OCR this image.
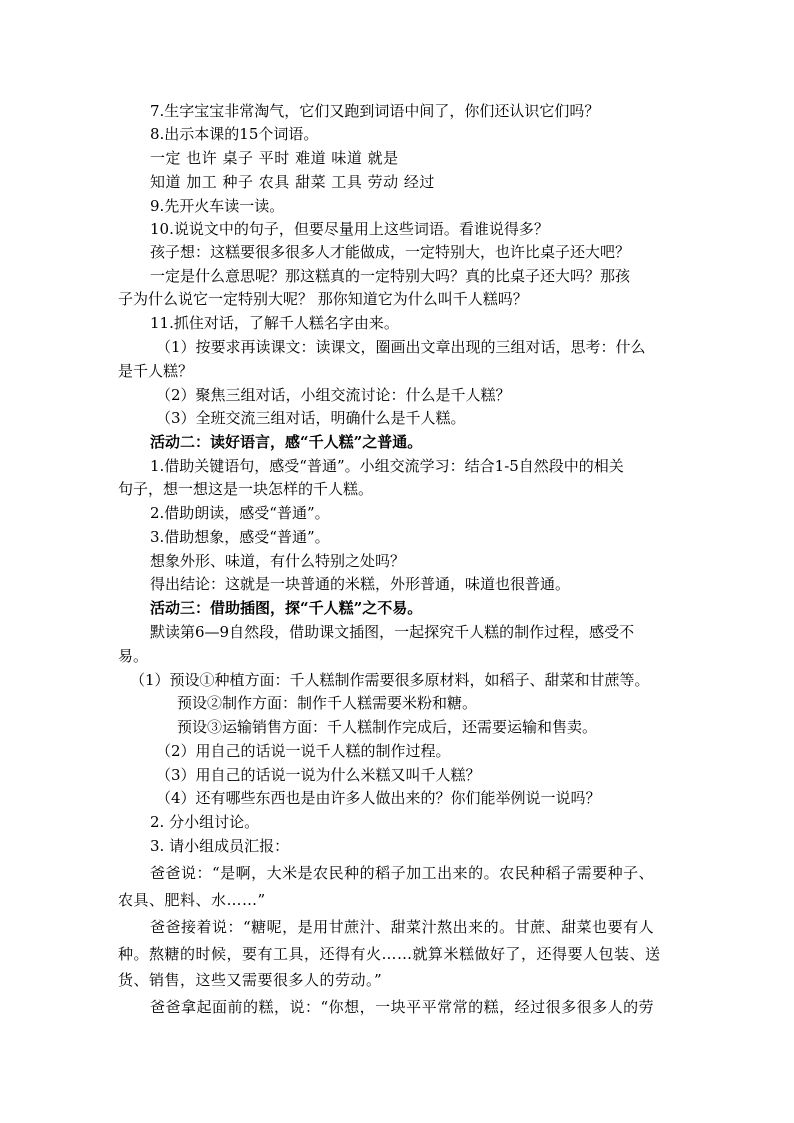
7.生字宝宝非常淘气，它们又跑到词语中间了，你们还认识它们吗？
8.出示本课的15个词语。
一定 也许 桌子 平时 难道 味道 就是
知道 加工 种子 农具 甜菜 工具 劳动 经过
9.先开火车读一读。
10.说说文中的句子，但要尽量用上这些词语。看谁说得多？
孩子想：这糕要很多很多人才能做成，一定特别大，也许比桌子还大吧？
一定是什么意思呢？那这糕真的一定特别大吗？真的比桌子还大吗？那孩
子为什么说它一定特别大呢？ 那你知道它为什么叫千人糕吗？
11.抓住对话，了解千人糕名字由来。
（1）按要求再读课文：读课文，圈画出文章出现的三组对话，思考：什么
是千人糕？
（2）聚焦三组对话，小组交流讨论：什么是千人糕？
（3）全班交流三组对话，明确什么是千人糕。
活动二：读好语言，感“千人糕”之普通。
1.借助关键语句，感受“普通”。小组交流学习：结合1-5自然段中的相关
句子，想一想这是一块怎样的千人糕。
2.借助朗读，感受“普通”。
3.借助想象，感受“普通”。
想象外形、味道，有什么特别之处吗？
得出结论：这就是一块普通的米糕，外形普通，味道也很普通。
活动三：借助插图，探“千人糕”之不易。
默读第6—9自然段，借助课文插图，一起探究千人糕的制作过程，感受不
易。
（1）预设①种植方面：千人糕制作需要很多原材料，如稻子、甜菜和甘蔗等。
预设②制作方面：制作千人糕需要米粉和糖。
预设③运输销售方面：千人糕制作完成后，还需要运输和售卖。
（2）用自己的话说一说千人糕的制作过程。
（3）用自己的话说一说为什么米糕又叫千人糕？
（4）还有哪些东西也是由许多人做出来的？你们能举例说一说吗？
2. 分小组讨论。
3. 请小组成员汇报：
爸爸说：“是啊，大米是农民种的稻子加工出来的。农民种稻子需要种子、
农具、肥料、水……”
爸爸接着说：“糖呢，是用甘蔗汁、甜菜汁熬出来的。甘蔗、甜菜也要有人
种。熬糖的时候，要有工具，还得有火……就算米糕做好了，还得要人包装、送
货、销售，这些又需要很多人的劳动。”
爸爸拿起面前的糕，说：“你想，一块平平常常的糕，经过很多很多人的劳
